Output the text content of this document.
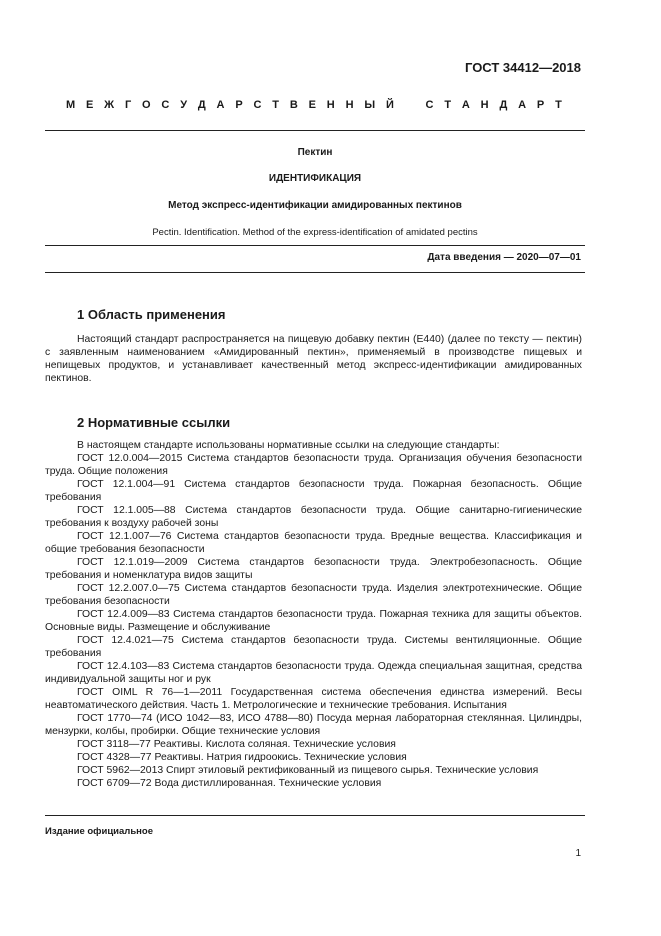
ГОСТ 34412—2018
М Е Ж Г О С У Д А Р С Т В Е Н Н Ы Й	С Т А Н Д А Р Т
Пектин
ИДЕНТИФИКАЦИЯ
Метод экспресс-идентификации амидированных пектинов
Pectin. Identification. Method of the express-identification of amidated pectins
Дата введения — 2020—07—01
1 Область применения

Настоящий стандарт распространяется на пищевую добавку пектин (Е440) (далее по тексту — пектин) с заявленным наименованием «Амидированный пектин», применяемый в производстве пищевых и непищевых продуктов, и устанавливает качественный метод экспресс-идентификации амидированных пектинов.

2 Нормативные ссылки

В настоящем стандарте использованы нормативные ссылки на следующие стандарты:

ГОСТ 12.0.004—2015 Система стандартов безопасности труда. Организация обучения безопасности труда. Общие положения

ГОСТ 12.1.004—91 Система стандартов безопасности труда. Пожарная безопасность. Общие требования

ГОСТ 12.1.005—88 Система стандартов безопасности труда. Общие санитарно-гигиенические требования к воздуху рабочей зоны

ГОСТ 12.1.007—76 Система стандартов безопасности труда. Вредные вещества. Классификация и общие требования безопасности

ГОСТ 12.1.019—2009 Система стандартов безопасности труда. Электробезопасность. Общие требования и номенклатура видов защиты

ГОСТ 12.2.007.0—75 Система стандартов безопасности труда. Изделия электротехнические. Общие требования безопасности

ГОСТ 12.4.009—83 Система стандартов безопасности труда. Пожарная техника для защиты объектов. Основные виды. Размещение и обслуживание

ГОСТ 12.4.021—75 Система стандартов безопасности труда. Системы вентиляционные. Общие требования

ГОСТ 12.4.103—83 Система стандартов безопасности труда. Одежда специальная защитная, средства индивидуальной защиты ног и рук

ГОСТ OIML R 76—1—2011 Государственная система обеспечения единства измерений. Весы неавтоматического действия. Часть 1. Метрологические и технические требования. Испытания

ГОСТ 1770—74 (ИСО 1042—83, ИСО 4788—80) Посуда мерная лабораторная стеклянная. Цилиндры, мензурки, колбы, пробирки. Общие технические условия

ГОСТ 3118—77 Реактивы. Кислота соляная. Технические условия

ГОСТ 4328—77 Реактивы. Натрия гидроокись. Технические условия

ГОСТ 5962—2013 Спирт этиловый ректификованный из пищевого сырья. Технические условия

ГОСТ 6709—72 Вода дистиллированная. Технические условия

Издание официальное
1
